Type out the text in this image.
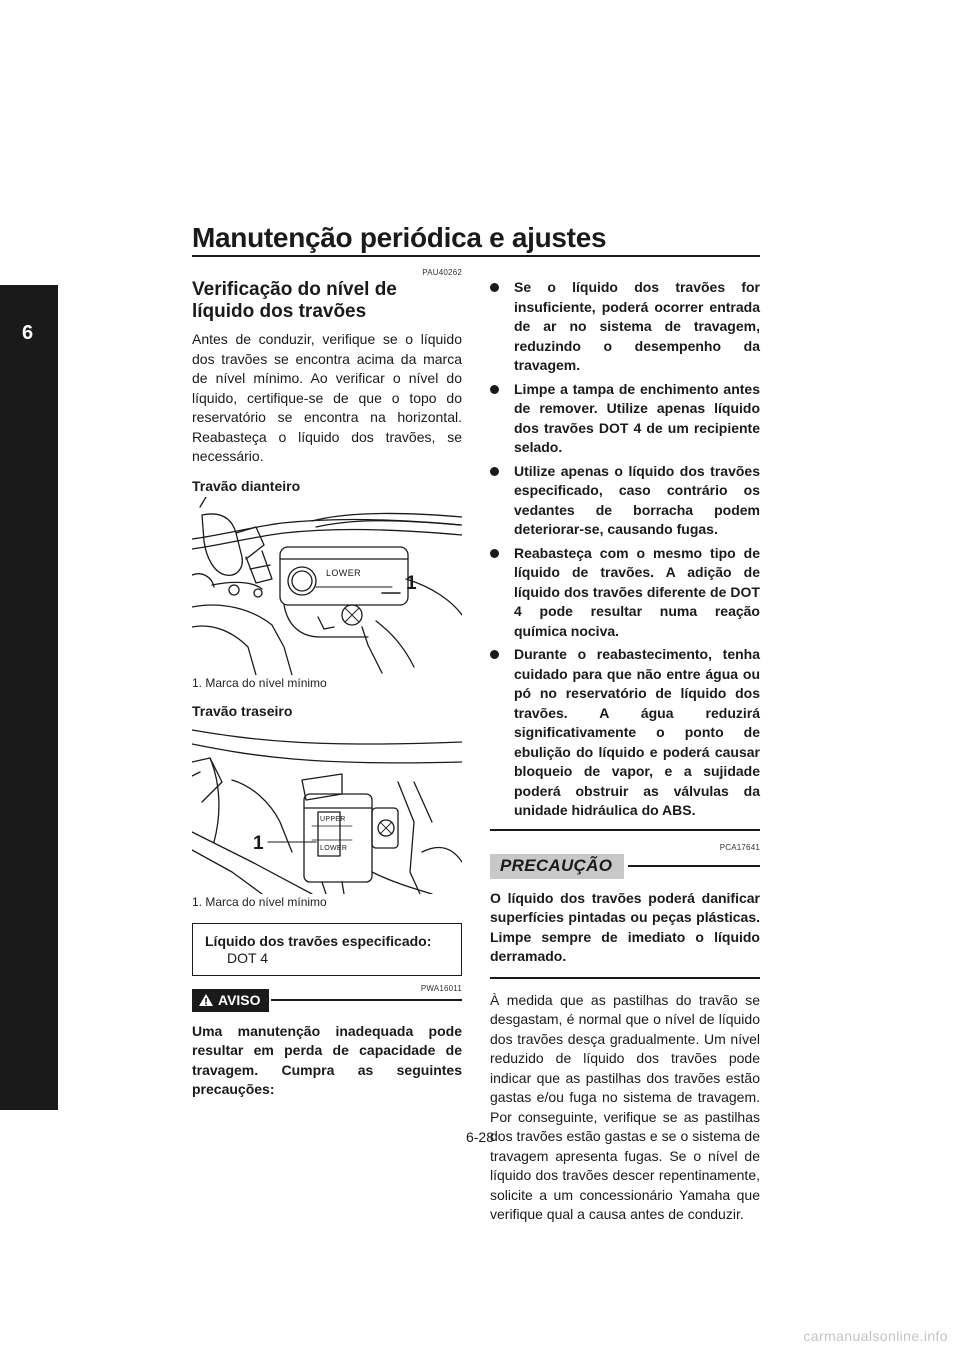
Manutenção periódica e ajustes
6
PAU40262
Verificação do nível de líquido dos travões

Antes de conduzir, verifique se o líquido dos travões se encontra acima da marca de nível mínimo. Ao verificar o nível do líquido, certifique-se de que o topo do reservatório se encontra na horizontal. Reabasteça o líquido dos travões, se necessário.

Travão dianteiro
LOWER 1
1. Marca do nível mínimo
Travão traseiro
UPPER
LOWER
1
1. Marca do nível mínimo
Líquido dos travões especificado:
DOT 4
PWA16011
AVISO

Uma manutenção inadequada pode resultar em perda de capacidade de travagem. Cumpra as seguintes precauções:

Se o líquido dos travões for insuficiente, poderá ocorrer entrada de ar no sistema de travagem, reduzindo o desempenho da travagem.
Limpe a tampa de enchimento antes de remover. Utilize apenas líquido dos travões DOT 4 de um recipiente selado.
Utilize apenas o líquido dos travões especificado, caso contrário os vedantes de borracha podem deteriorar-se, causando fugas.
Reabasteça com o mesmo tipo de líquido de travões. A adição de líquido dos travões diferente de DOT 4 pode resultar numa reação química nociva.
Durante o reabastecimento, tenha cuidado para que não entre água ou pó no reservatório de líquido dos travões. A água reduzirá significativamente o ponto de ebulição do líquido e poderá causar bloqueio de vapor, e a sujidade poderá obstruir as válvulas da unidade hidráulica do ABS.
PCA17641
PRECAUÇÃO

O líquido dos travões poderá danificar superfícies pintadas ou peças plásticas. Limpe sempre de imediato o líquido derramado.

À medida que as pastilhas do travão se desgastam, é normal que o nível de líquido dos travões desça gradualmente. Um nível reduzido de líquido dos travões pode indicar que as pastilhas dos travões estão gastas e/ou fuga no sistema de travagem. Por conseguinte, verifique se as pastilhas dos travões estão gastas e se o sistema de travagem apresenta fugas. Se o nível de líquido dos travões descer repentinamente, solicite a um concessionário Yamaha que verifique qual a causa antes de conduzir.

6-28
carmanualsonline.info
